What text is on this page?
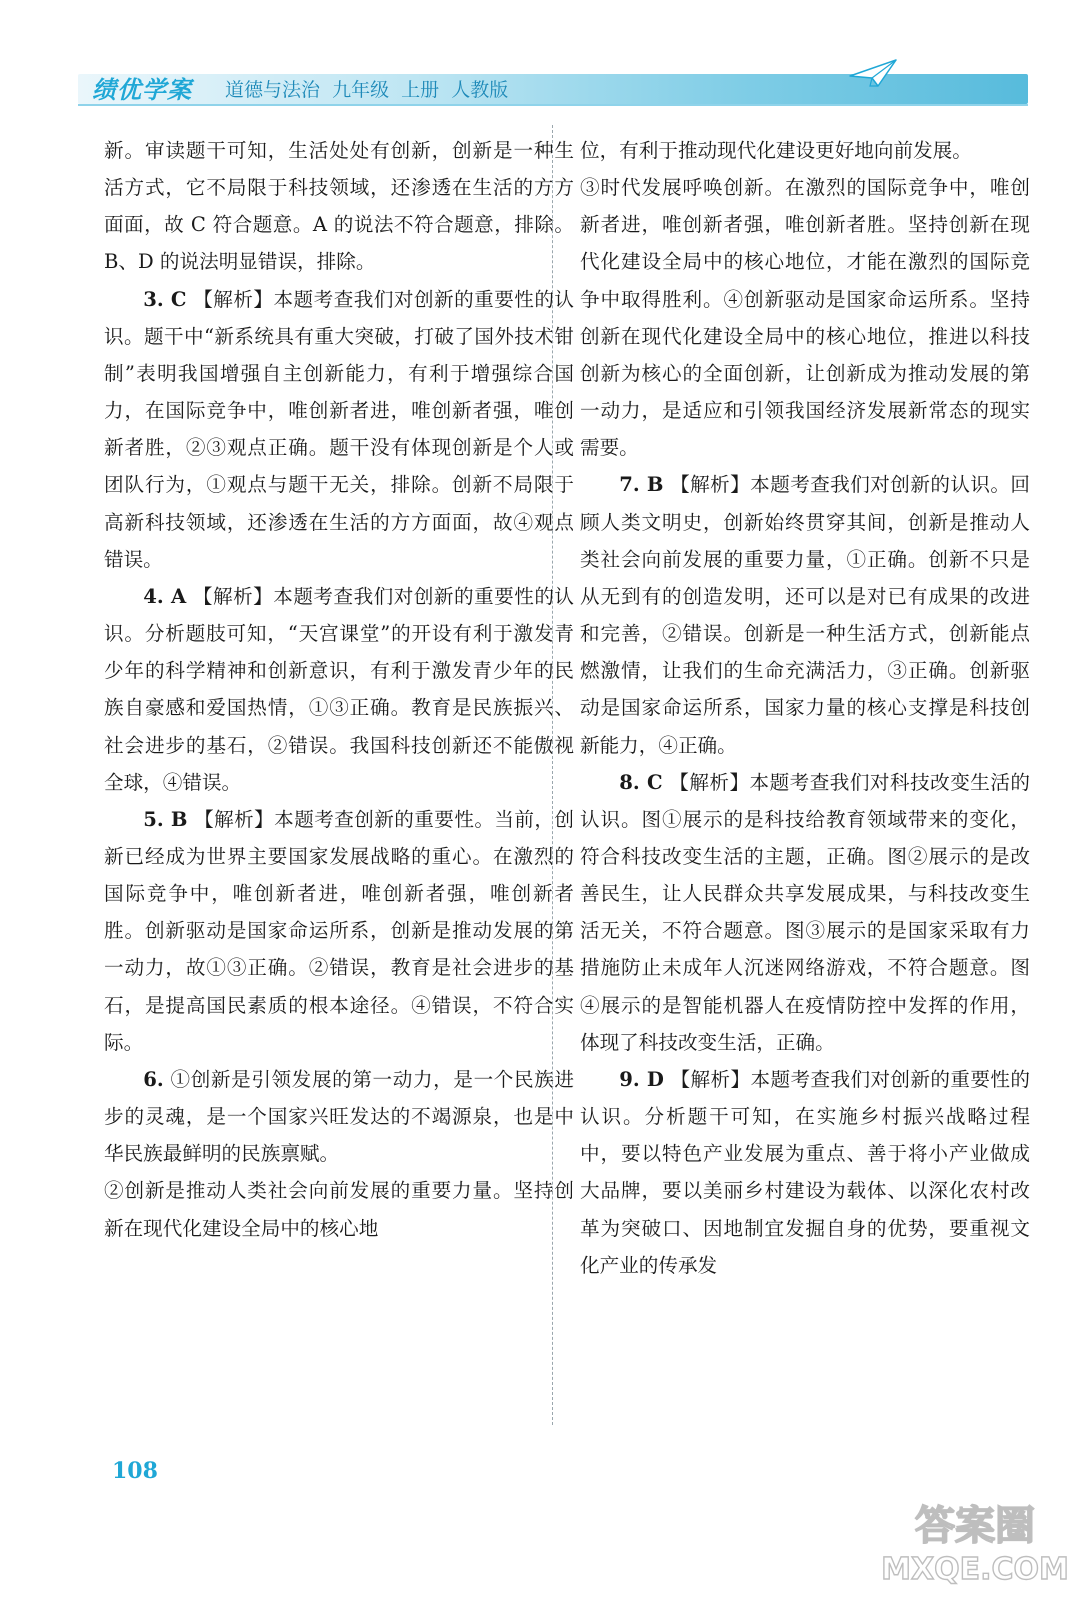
绩优学案 道德与法治  九年级  上册  人教版

新。审读题干可知，生活处处有创新，创新是一种生活方式，它不局限于科技领域，还渗透在生活的方方面面，故 C 符合题意。A 的说法不符合题意，排除。B、D 的说法明显错误，排除。

3. C 【解析】本题考查我们对创新的重要性的认识。题干中“新系统具有重大突破，打破了国外技术钳制”表明我国增强自主创新能力，有利于增强综合国力，在国际竞争中，唯创新者进，唯创新者强，唯创新者胜，②③观点正确。题干没有体现创新是个人或团队行为，①观点与题干无关，排除。创新不局限于高新科技领域，还渗透在生活的方方面面，故④观点错误。

4. A 【解析】本题考查我们对创新的重要性的认识。分析题肢可知，“天宫课堂”的开设有利于激发青少年的科学精神和创新意识，有利于激发青少年的民族自豪感和爱国热情，①③正确。教育是民族振兴、社会进步的基石，②错误。我国科技创新还不能傲视全球，④错误。

5. B 【解析】本题考查创新的重要性。当前，创新已经成为世界主要国家发展战略的重心。在激烈的国际竞争中，唯创新者进，唯创新者强，唯创新者胜。创新驱动是国家命运所系，创新是推动发展的第一动力，故①③正确。②错误，教育是社会进步的基石，是提高国民素质的根本途径。④错误，不符合实际。

6. ①创新是引领发展的第一动力，是一个民族进步的灵魂，是一个国家兴旺发达的不竭源泉，也是中华民族最鲜明的民族禀赋。

②创新是推动人类社会向前发展的重要力量。坚持创新在现代化建设全局中的核心地

位，有利于推动现代化建设更好地向前发展。

③时代发展呼唤创新。在激烈的国际竞争中，唯创新者进，唯创新者强，唯创新者胜。坚持创新在现代化建设全局中的核心地位，才能在激烈的国际竞争中取得胜利。④创新驱动是国家命运所系。坚持创新在现代化建设全局中的核心地位，推进以科技创新为核心的全面创新，让创新成为推动发展的第一动力，是适应和引领我国经济发展新常态的现实需要。

7. B 【解析】本题考查我们对创新的认识。回顾人类文明史，创新始终贯穿其间，创新是推动人类社会向前发展的重要力量，①正确。创新不只是从无到有的创造发明，还可以是对已有成果的改进和完善，②错误。创新是一种生活方式，创新能点燃激情，让我们的生命充满活力，③正确。创新驱动是国家命运所系，国家力量的核心支撑是科技创新能力，④正确。

8. C 【解析】本题考查我们对科技改变生活的认识。图①展示的是科技给教育领域带来的变化，符合科技改变生活的主题，正确。图②展示的是改善民生，让人民群众共享发展成果，与科技改变生活无关，不符合题意。图③展示的是国家采取有力措施防止未成年人沉迷网络游戏，不符合题意。图④展示的是智能机器人在疫情防控中发挥的作用，体现了科技改变生活，正确。

9. D 【解析】本题考查我们对创新的重要性的认识。分析题干可知，在实施乡村振兴战略过程中，要以特色产业发展为重点、善于将小产业做成大品牌，要以美丽乡村建设为载体、以深化农村改革为突破口、因地制宜发掘自身的优势，要重视文化产业的传承发

108
答案圈
MXQE.COM
